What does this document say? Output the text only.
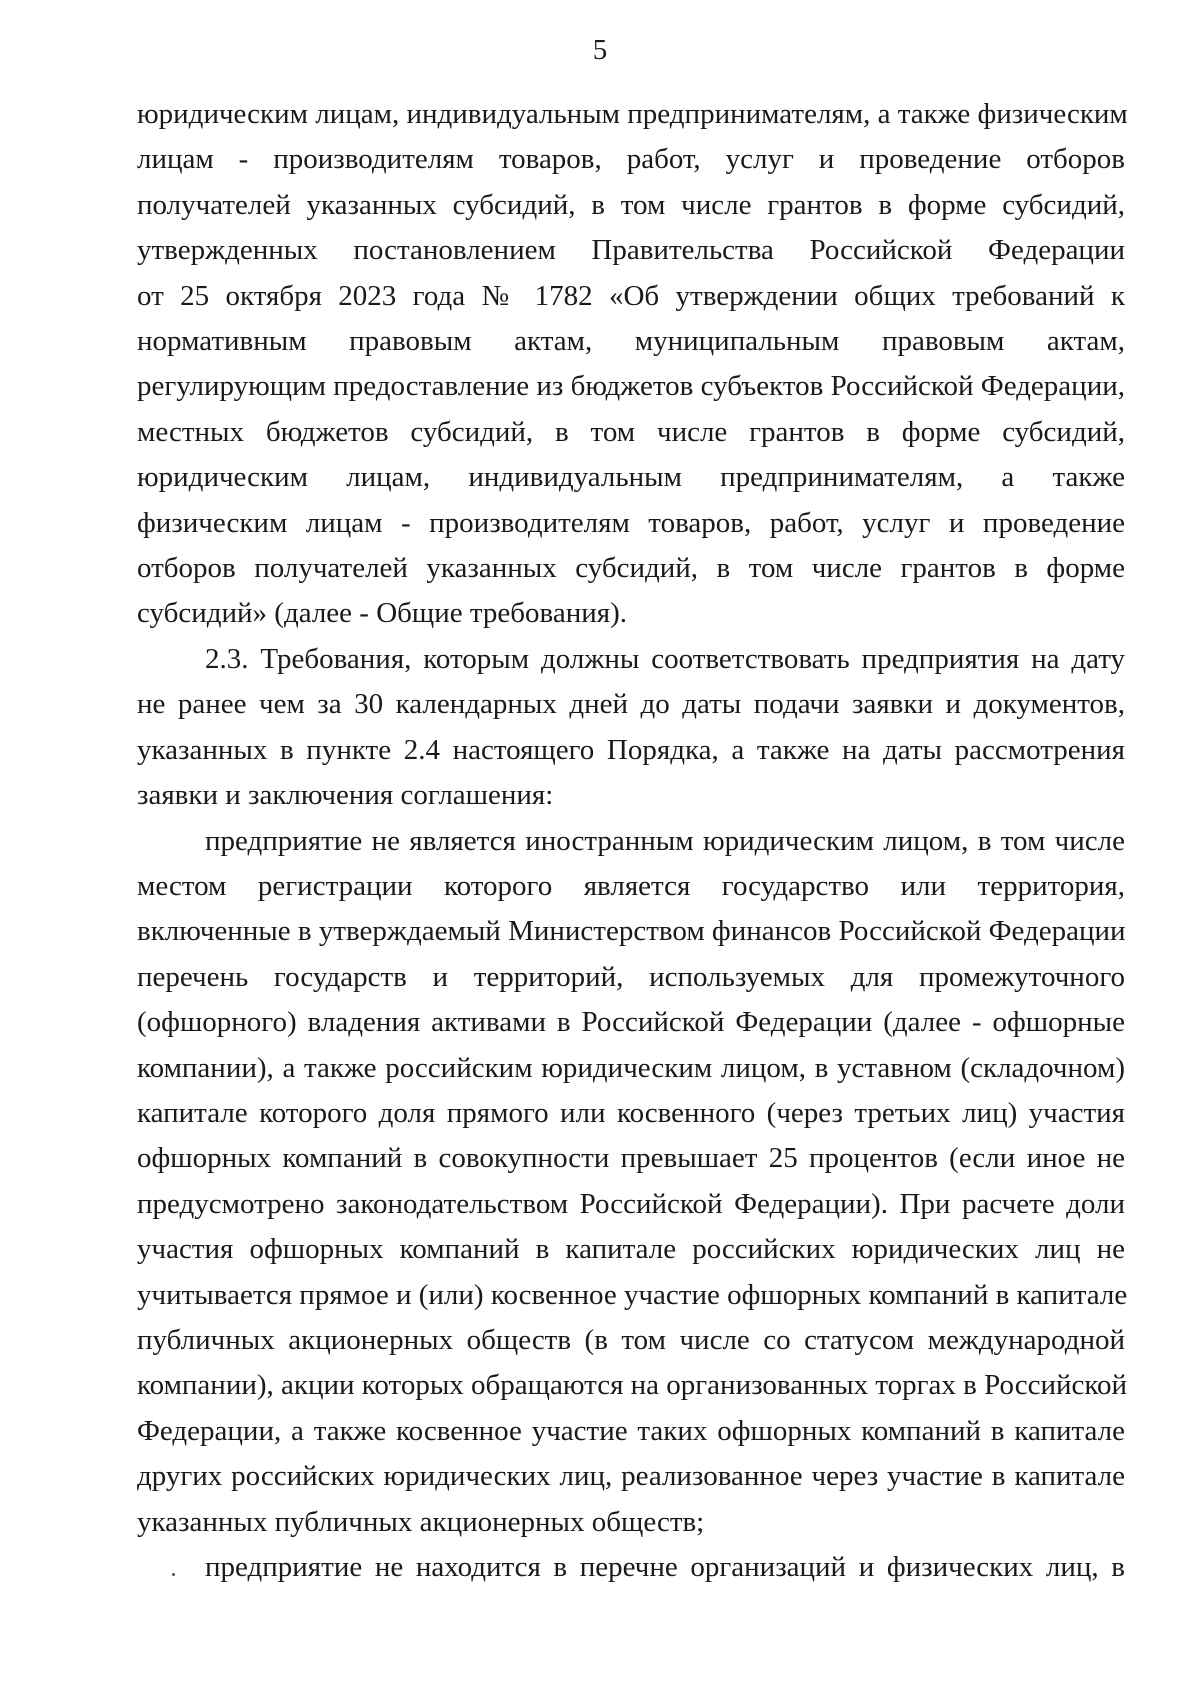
5

юридическим лицам, индивидуальным предпринимателям, а также физическим
лицам - производителям товаров, работ, услуг и проведение отборов
получателей указанных субсидий, в том числе грантов в форме субсидий,
утвержденных постановлением Правительства Российской Федерации
от 25 октября 2023 года № 1782 «Об утверждении общих требований к
нормативным правовым актам, муниципальным правовым актам,
регулирующим предоставление из бюджетов субъектов Российской Федерации,
местных бюджетов субсидий, в том числе грантов в форме субсидий,
юридическим лицам, индивидуальным предпринимателям, а также
физическим лицам - производителям товаров, работ, услуг и проведение
отборов получателей указанных субсидий, в том числе грантов в форме
субсидий» (далее - Общие требования).

2.3. Требования, которым должны соответствовать предприятия на дату
не ранее чем за 30 календарных дней до даты подачи заявки и документов,
указанных в пункте 2.4 настоящего Порядка, а также на даты рассмотрения
заявки и заключения соглашения:

предприятие не является иностранным юридическим лицом, в том числе
местом регистрации которого является государство или территория,
включенные в утверждаемый Министерством финансов Российской Федерации
перечень государств и территорий, используемых для промежуточного
(офшорного) владения активами в Российской Федерации (далее - офшорные
компании), а также российским юридическим лицом, в уставном (складочном)
капитале которого доля прямого или косвенного (через третьих лиц) участия
офшорных компаний в совокупности превышает 25 процентов (если иное не
предусмотрено законодательством Российской Федерации). При расчете доли
участия офшорных компаний в капитале российских юридических лиц не
учитывается прямое и (или) косвенное участие офшорных компаний в капитале
публичных акционерных обществ (в том числе со статусом международной
компании), акции которых обращаются на организованных торгах в Российской
Федерации, а также косвенное участие таких офшорных компаний в капитале
других российских юридических лиц, реализованное через участие в капитале
указанных публичных акционерных обществ;

предприятие не находится в перечне организаций и физических лиц, в
